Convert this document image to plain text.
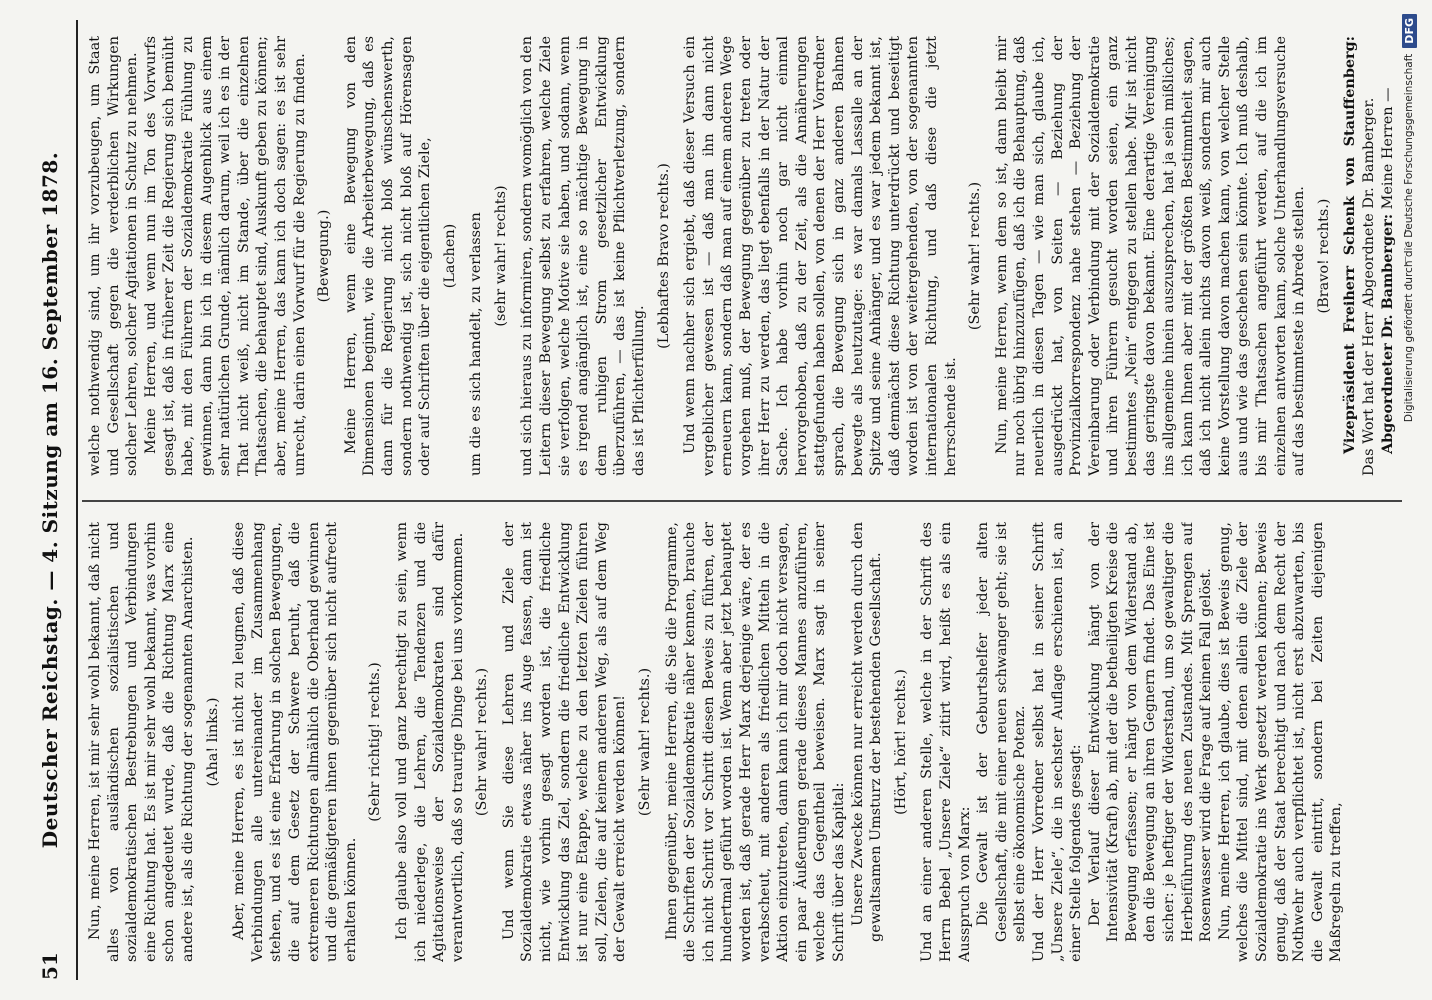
51
Deutscher Reichstag. — 4. Sitzung am 16. September 1878. Nun, meine Herren, ist mir sehr wohl bekannt, daß nicht alles von ausländischen sozialistischen und sozialdemokratischen Bestrebungen und Verbindungen eine Richtung hat. Es ist mir sehr wohl bekannt, was vorhin schon angedeutet wurde, daß die Richtung Marx eine andere ist, als die Richtung der sogenannten Anarchisten. (Aha! links.) Aber, meine Herren, es ist nicht zu leugnen, daß diese Verbindungen alle untereinander im Zusammenhang stehen, und es ist eine Erfahrung in solchen Bewegungen, die auf dem Gesetz der Schwere beruht, daß die extremeren Richtungen allmählich die Oberhand gewinnen und die gemäßigteren ihnen gegenüber sich nicht aufrecht erhalten können.

(Sehr richtig! rechts.) Ich glaube also voll und ganz berechtigt zu sein, wenn ich niederlege, die Lehren, die Tendenzen und die Agitationsweise der Sozialdemokraten sind dafür verantwortlich, daß so traurige Dinge bei uns vorkommen. (Sehr wahr! rechts.) Und wenn Sie diese Lehren und Ziele der Sozialdemokratie etwas näher ins Auge fassen, dann ist nicht, wie vorhin gesagt worden ist, die friedliche Entwicklung das Ziel, sondern die friedliche Entwicklung ist nur eine Etappe, welche zu den letzten Zielen führen soll, Zielen, die auf keinem anderen Weg, als auf dem Weg der Gewalt erreicht werden können! (Sehr wahr! rechts.) Ihnen gegenüber, meine Herren, die Sie die Programme, die Schriften der Sozialdemokratie näher kennen, brauche ich nicht Schritt vor Schritt diesen Beweis zu führen, der hundertmal geführt worden ist. Wenn aber jetzt behauptet worden ist, daß gerade Herr Marx derjenige wäre, der es verabscheut, mit anderen als friedlichen Mitteln in die Aktion einzutreten, dann kann ich mir doch nicht versagen, ein paar Äußerungen gerade dieses Mannes anzuführen, welche das Gegentheil beweisen. Marx sagt in seiner Schrift über das Kapital: Unsere Zwecke können nur erreicht werden durch den gewaltsamen Umsturz der bestehenden Gesellschaft. (Hört, hört! rechts.) Und an einer anderen Stelle, welche in der Schrift des Herrn Bebel „Unsere Ziele“ zitirt wird, heißt es als ein Ausspruch von Marx: Die Gewalt ist der Geburtshelfer jeder alten Gesellschaft, die mit einer neuen schwanger geht; sie ist selbst eine ökonomische Potenz. Und der Herr Vorredner selbst hat in seiner Schrift „Unsere Ziele“, die in sechster Auflage erschienen ist, an einer Stelle folgendes gesagt: Der Verlauf dieser Entwicklung hängt von der Intensivität (Kraft) ab, mit der die betheiligten Kreise die Bewegung erfassen; er hängt von dem Widerstand ab, den die Bewegung an ihren Gegnern findet. Das Eine ist sicher: je heftiger der Widerstand, um so gewaltiger die Herbeiführung des neuen Zustandes. Mit Sprengen auf Rosenwasser wird die Frage auf keinen Fall gelöst. Nun, meine Herren, ich glaube, dies ist Beweis genug, welches die Mittel sind, mit denen allein die Ziele der Sozialdemokratie ins Werk gesetzt werden können; Beweis genug, daß der Staat berechtigt und nach dem Recht der Nothwehr auch verpflichtet ist, nicht erst abzuwarten, bis die Gewalt eintritt, sondern bei Zeiten diejenigen Maßregeln zu treffen,

welche nothwendig sind, um ihr vorzubeugen, um Staat und Gesellschaft gegen die verderblichen Wirkungen solcher Lehren, solcher Agitationen in Schutz zu nehmen. Meine Herren, und wenn nun im Ton des Vorwurfs gesagt ist, daß in früherer Zeit die Regierung sich bemüht habe, mit den Führern der Sozialdemokratie Fühlung zu gewinnen, dann bin ich in diesem Augenblick aus einem sehr natürlichen Grunde, nämlich darum, weil ich es in der That nicht weiß, nicht im Stande, über die einzelnen Thatsachen, die behauptet sind, Auskunft geben zu können; aber, meine Herren, das kann ich doch sagen: es ist sehr unrecht, darin einen Vorwurf für die Regierung zu finden. (Bewegung.) Meine Herren, wenn eine Bewegung von den Dimensionen beginnt, wie die Arbeiterbewegung, daß es dann für die Regierung nicht bloß wünschenswerth, sondern nothwendig ist, sich nicht bloß auf Hörensagen oder auf Schriften über die eigentlichen Ziele, (Lachen) um die es sich handelt, zu verlassen (sehr wahr! rechts) und sich hieraus zu informiren, sondern womöglich von den Leitern dieser Bewegung selbst zu erfahren, welche Ziele sie verfolgen, welche Motive sie haben, und sodann, wenn es irgend angänglich ist, eine so mächtige Bewegung in dem ruhigen Strom gesetzlicher Entwicklung überzuführen, — das ist keine Pflichtverletzung, sondern das ist Pflichterfüllung.

(Lebhaftes Bravo rechts.) Und wenn nachher sich ergiebt, daß dieser Versuch ein vergeblicher gewesen ist — daß man ihn dann nicht erneuern kann, sondern daß man auf einem anderen Wege vorgehen muß, der Bewegung gegenüber zu treten oder ihrer Herr zu werden, das liegt ebenfalls in der Natur der Sache. Ich habe vorhin noch gar nicht einmal hervorgehoben, daß zu der Zeit, als die Annäherungen stattgefunden haben sollen, von denen der Herr Vorredner sprach, die Bewegung sich in ganz anderen Bahnen bewegte als heutzutage: es war damals Lassalle an der Spitze und seine Anhänger, und es war jedem bekannt ist, daß demnächst diese Richtung unterdrückt und beseitigt worden ist von der weitergehenden, von der sogenannten internationalen Richtung, und daß diese die jetzt herrschende ist.

(Sehr wahr! rechts.) Nun, meine Herren, wenn dem so ist, dann bleibt mir nur noch übrig hinzuzufügen, daß ich die Behauptung, daß neuerlich in diesen Tagen — wie man sich, glaube ich, ausgedrückt hat, von Seiten — Beziehung der Provinzialkorrespondenz nahe stehen — Beziehung der Vereinbarung oder Verbindung mit der Sozialdemokratie und ihren Führern gesucht worden seien, ein ganz bestimmtes „Nein“ entgegen zu stellen habe. Mir ist nicht das geringste davon bekannt. Eine derartige Vereinigung ins allgemeine hinein auszusprechen, hat ja sein mißliches; ich kann Ihnen aber mit der größten Bestimmtheit sagen, daß ich nicht allein nichts davon weiß, sondern mir auch keine Vorstellung davon machen kann, von welcher Stelle aus und wie das geschehen sein könnte. Ich muß deshalb, bis mir Thatsachen angeführt werden, auf die ich im einzelnen antworten kann, solche Unterhandlungsversuche auf das bestimmteste in Abrede stellen. (Bravo! rechts.) Vizepräsident Freiherr Schenk von Stauffenberg: Das Wort hat der Herr Abgeordnete Dr. Bamberger. Abgeordneter Dr. Bamberger: Meine Herren — Digitalisierung gefördert durch die Deutsche Forschungsgemeinschaft
DFG
